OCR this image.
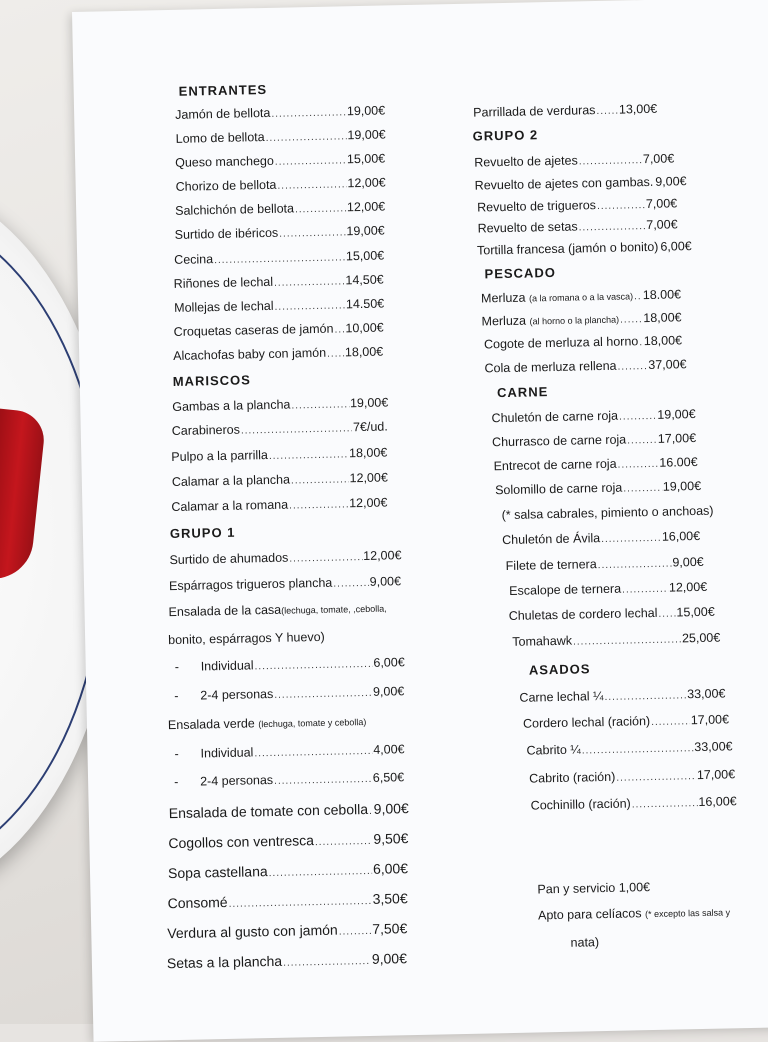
ENTRANTES
Jamón de bellota .....	19,00€
Lomo de bellota .....	19,00€
Queso manchego .....	15,00€
Chorizo de bellota .....	12,00€
Salchichón de bellota .....	12,00€
Surtido de ibéricos .....	19,00€
Cecina .....	15,00€
Riñones de lechal .....	14,50€
Mollejas de lechal .....	14.50€
Croquetas caseras de jamón ..... 10,00€
Alcachofas baby con jamón ..... 18,00€
MARISCOS
Gambas a la plancha .....	19,00€
Carabineros .....	7€/ud.
Pulpo a la parrilla .....	18,00€
Calamar a la plancha .....	12,00€
Calamar a la romana .....	12,00€
GRUPO 1
Surtido de ahumados .....	12,00€
Espárragos trigueros plancha .....	9,00€
Ensalada de la casa(lechuga, tomate, ,cebolla,
bonito, espárragos Y huevo)
- Individual .....	6,00€
- 2-4 personas .....	9,00€
Ensalada verde (lechuga, tomate y cebolla)
- Individual .....	4,00€
- 2-4 personas .....	6,50€
Ensalada de tomate con cebolla ..... 9,00€
Cogollos con ventresca .....	9,50€
Sopa castellana .....	6,00€
Consomé .....	3,50€
Verdura al gusto con jamón ..... 7,50€
Setas a la plancha .....	9,00€
Parrillada de verduras ..... 13,00€
GRUPO 2
Revuelto de ajetes .....	7,00€
Revuelto de ajetes con gambas. ..... 9,00€
Revuelto de trigueros .....	7,00€
Revuelto de setas .....	7,00€
Tortilla francesa (jamón o bonito) ..... 6,00€
PESCADO
Merluza (a la romana o a la vasca) ..... 18.00€
Merluza (al horno o la plancha) ..... 18,00€
Cogote de merluza al horno ..... 18,00€
Cola de merluza rellena .....	37,00€
CARNE
Chuletón de carne roja .....	19,00€
Churrasco de carne roja .....	17,00€
Entrecot de carne roja .....	16.00€
Solomillo de carne roja .....	19,00€
(* salsa cabrales, pimiento o anchoas)
Chuletón de Ávila .....	16,00€
Filete de ternera .....	9,00€
Escalope de ternera .....	12,00€
Chuletas de cordero lechal ..... 15,00€
Tomahawk .....	25,00€
ASADOS
Carne lechal ¼ .....	33,00€
Cordero lechal (ración) .....	17,00€
Cabrito ¼ .....	33,00€
Cabrito (ración) .....	17,00€
Cochinillo (ración) .....	16,00€
Pan y servicio 1,00€
Apto para celíacos (* excepto las salsa y
nata)
